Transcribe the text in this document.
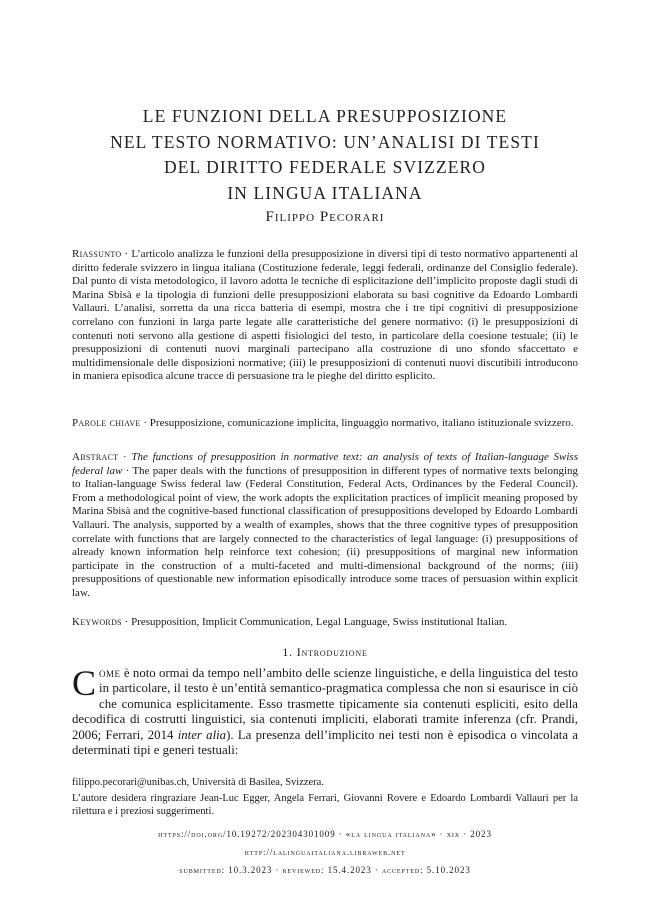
LE FUNZIONI DELLA PRESUPPOSIZIONE
NEL TESTO NORMATIVO: UN’ANALISI DI TESTI
DEL DIRITTO FEDERALE SVIZZERO
IN LINGUA ITALIANA
Filippo Pecorari
Riassunto · L’articolo analizza le funzioni della presupposizione in diversi tipi di testo normativo appartenenti al diritto federale svizzero in lingua italiana (Costituzione federale, leggi federali, ordinanze del Consiglio federale). Dal punto di vista metodologico, il lavoro adotta le tecniche di esplicitazione dell’implicito proposte dagli studi di Marina Sbisà e la tipologia di funzioni delle presupposizioni elaborata su basi cognitive da Edoardo Lombardi Vallauri. L’analisi, sorretta da una ricca batteria di esempi, mostra che i tre tipi cognitivi di presupposizione correlano con funzioni in larga parte legate alle caratteristiche del genere normativo: (i) le presupposizioni di contenuti noti servono alla gestione di aspetti fisiologici del testo, in particolare della coesione testuale; (ii) le presupposizioni di contenuti nuovi marginali partecipano alla costruzione di uno sfondo sfaccettato e multidimensionale delle disposizioni normative; (iii) le presupposizioni di contenuti nuovi discutibili introducono in maniera episodica alcune tracce di persuasione tra le pieghe del diritto esplicito.
Parole chiave · Presupposizione, comunicazione implicita, linguaggio normativo, italiano istituzionale svizzero.
Abstract · The functions of presupposition in normative text: an analysis of texts of Italian-language Swiss federal law · The paper deals with the functions of presupposition in different types of normative texts belonging to Italian-language Swiss federal law (Federal Constitution, Federal Acts, Ordinances by the Federal Council). From a methodological point of view, the work adopts the explicitation practices of implicit meaning proposed by Marina Sbisà and the cognitive-based functional classification of presuppositions developed by Edoardo Lombardi Vallauri. The analysis, supported by a wealth of examples, shows that the three cognitive types of presupposition correlate with functions that are largely connected to the characteristics of legal language: (i) presuppositions of already known information help reinforce text cohesion; (ii) presuppositions of marginal new information participate in the construction of a multi-faceted and multi-dimensional background of the norms; (iii) presuppositions of questionable new information episodically introduce some traces of persuasion within explicit law.
Keywords · Presupposition, Implicit Communication, Legal Language, Swiss institutional Italian.
1. Introduzione
Come è noto ormai da tempo nell’ambito delle scienze linguistiche, e della linguistica del testo in particolare, il testo è un’entità semantico-pragmatica complessa che non si esaurisce in ciò che comunica esplicitamente. Esso trasmette tipicamente sia contenuti espliciti, esito della decodifica di costrutti linguistici, sia contenuti impliciti, elaborati tramite inferenza (cfr. Prandi, 2006; Ferrari, 2014 inter alia). La presenza dell’implicito nei testi non è episodica o vincolata a determinati tipi e generi testuali:
filippo.pecorari@unibas.ch, Università di Basilea, Svizzera.
L’autore desidera ringraziare Jean-Luc Egger, Angela Ferrari, Giovanni Rovere e Edoardo Lombardi Vallauri per la rilettura e i preziosi suggerimenti.
https://doi.org/10.19272/202304301009 · «la lingua italiana» · xix · 2023
http://lalinguaitaliana.libraweb.net
submitted: 10.3.2023 · reviewed: 15.4.2023 · accepted: 5.10.2023
